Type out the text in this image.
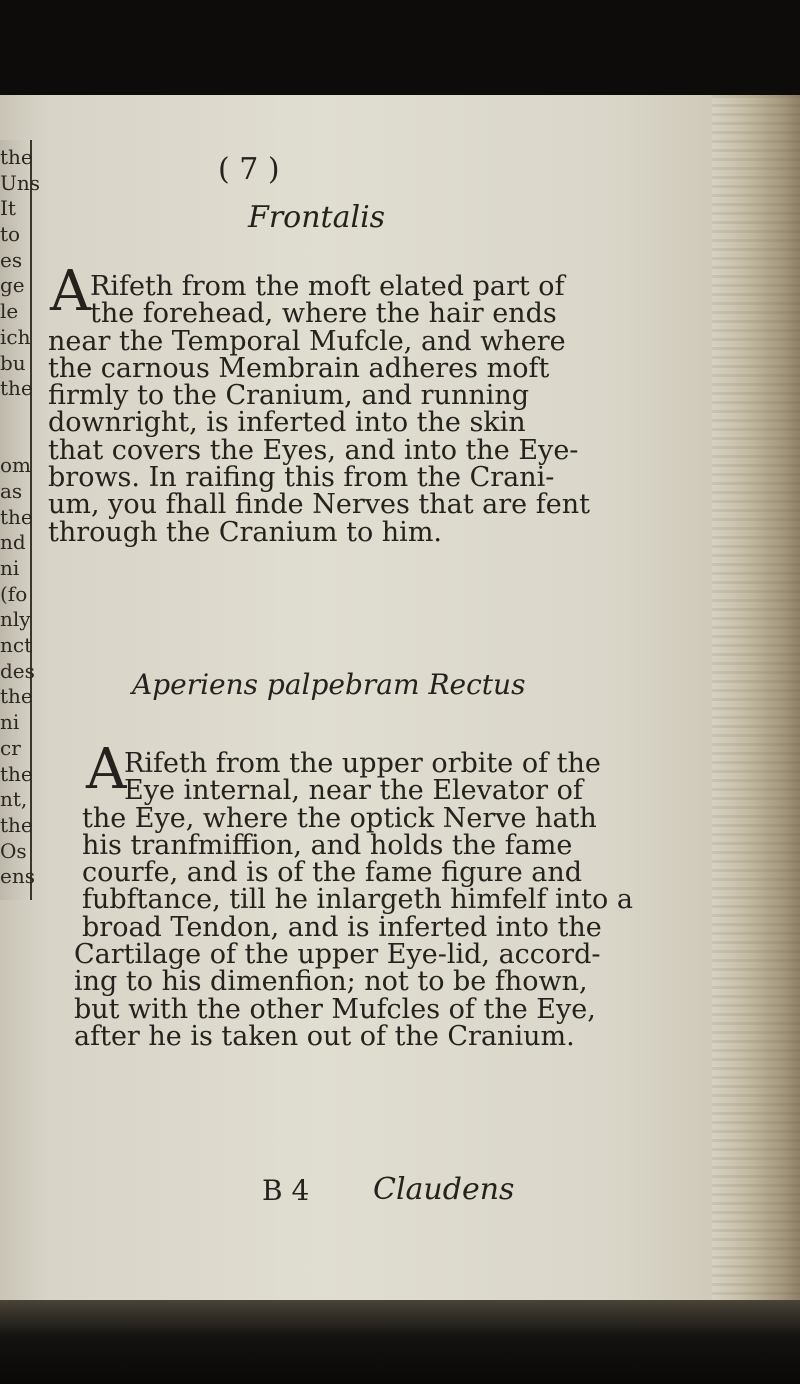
the
Uns
It
to
es
ge
le
ich
bu
the
om
as
the
nd
ni
(fo
nly
nct
des
the
ni
cr
the
nt,
the
Os
ens
( 7 )
Frontalis
A Rifeth from the moft elated part of
the forehead, where the hair ends
near the Temporal Mufcle, and where
the carnous Membrain adheres moft
firmly to the Cranium, and running
downright, is inferted into the skin
that covers the Eyes, and into the Eye-
brows. In raifing this from the Crani-
um, you fhall finde Nerves that are fent
through the Cranium to him.
Aperiens palpebram Rectus
A
Rifeth from the upper orbite of the
Eye internal, near the Elevator of
the Eye, where the optick Nerve hath
his tranfmiffion, and holds the fame
courfe, and is of the fame figure and
fubftance, till he inlargeth himfelf into a
broad Tendon, and is inferted into the
Cartilage of the upper Eye-lid, accord-
ing to his dimenfion; not to be fhown,
but with the other Mufcles of the Eye,
after he is taken out of the Cranium.
B 4 Claudens
